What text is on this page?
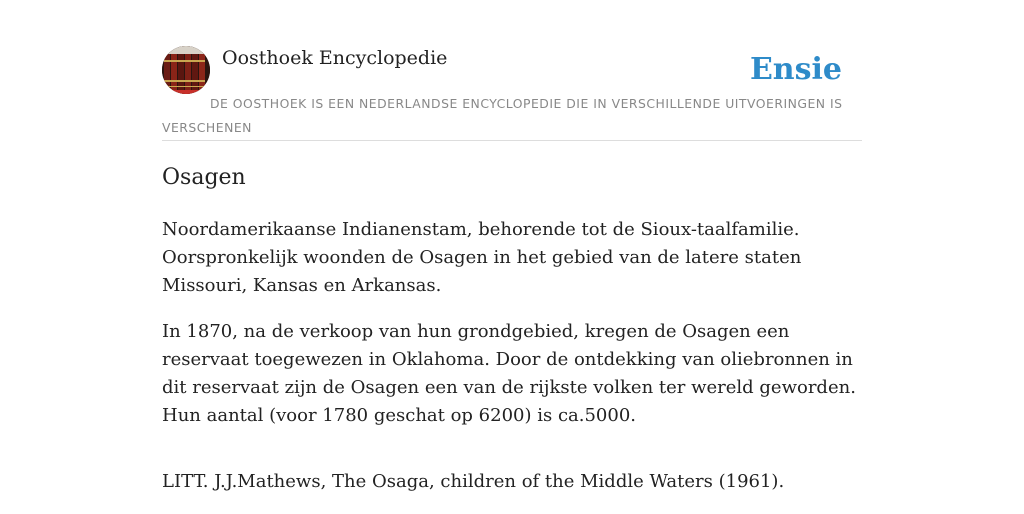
Oosthoek Encyclopedie	Ensie
DE OOSTHOEK IS EEN NEDERLANDSE ENCYCLOPEDIE DIE IN VERSCHILLENDE UITVOERINGEN IS VERSCHENEN
Osagen

Noordamerikaanse Indianenstam, behorende tot de Sioux-taalfamilie. Oorspronkelijk woonden de Osagen in het gebied van de latere staten Missouri, Kansas en Arkansas.

In 1870, na de verkoop van hun grondgebied, kregen de Osagen een reservaat toegewezen in Oklahoma. Door de ontdekking van oliebronnen in dit reservaat zijn de Osagen een van de rijkste volken ter wereld geworden. Hun aantal (voor 1780 geschat op 6200) is ca.5000.

LITT. J.J.Mathews, The Osaga, children of the Middle Waters (1961).
